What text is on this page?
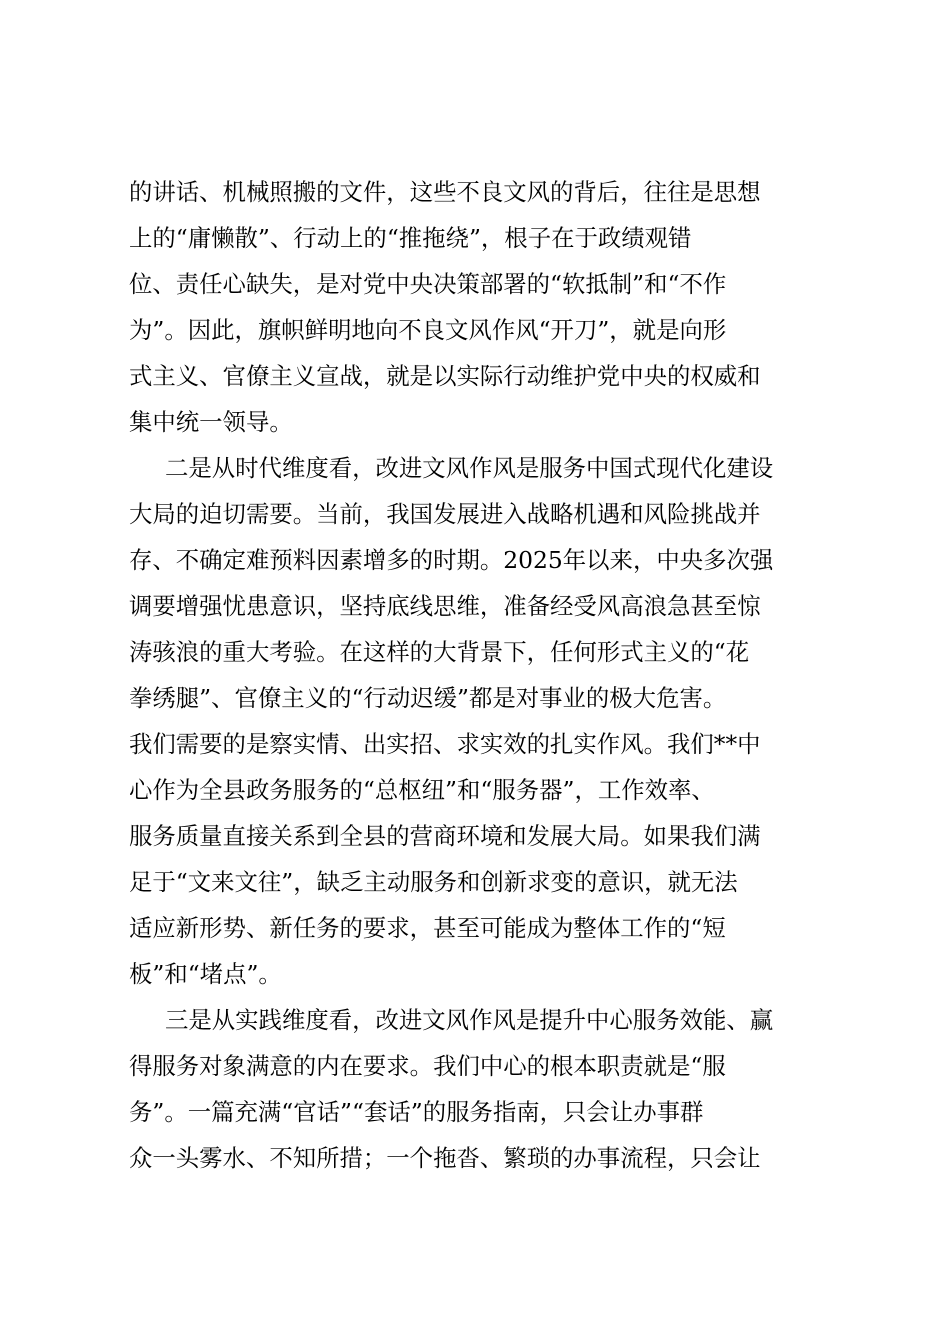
的讲话、机械照搬的文件，这些不良文风的背后，往往是思想
上的“庸懒散”、行动上的“推拖绕”，根子在于政绩观错
位、责任心缺失，是对党中央决策部署的“软抵制”和“不作
为”。因此，旗帜鲜明地向不良文风作风“开刀”，就是向形
式主义、官僚主义宣战，就是以实际行动维护党中央的权威和
集中统一领导。
二是从时代维度看，改进文风作风是服务中国式现代化建设
大局的迫切需要。当前，我国发展进入战略机遇和风险挑战并
存、不确定难预料因素增多的时期。2025年以来，中央多次强
调要增强忧患意识，坚持底线思维，准备经受风高浪急甚至惊
涛骇浪的重大考验。在这样的大背景下，任何形式主义的“花
拳绣腿”、官僚主义的“行动迟缓”都是对事业的极大危害。
我们需要的是察实情、出实招、求实效的扎实作风。我们**中
心作为全县政务服务的“总枢纽”和“服务器”，工作效率、
服务质量直接关系到全县的营商环境和发展大局。如果我们满
足于“文来文往”，缺乏主动服务和创新求变的意识，就无法
适应新形势、新任务的要求，甚至可能成为整体工作的“短
板”和“堵点”。
三是从实践维度看，改进文风作风是提升中心服务效能、赢
得服务对象满意的内在要求。我们中心的根本职责就是“服
务”。一篇充满“官话”“套话”的服务指南，只会让办事群
众一头雾水、不知所措；一个拖沓、繁琐的办事流程，只会让
